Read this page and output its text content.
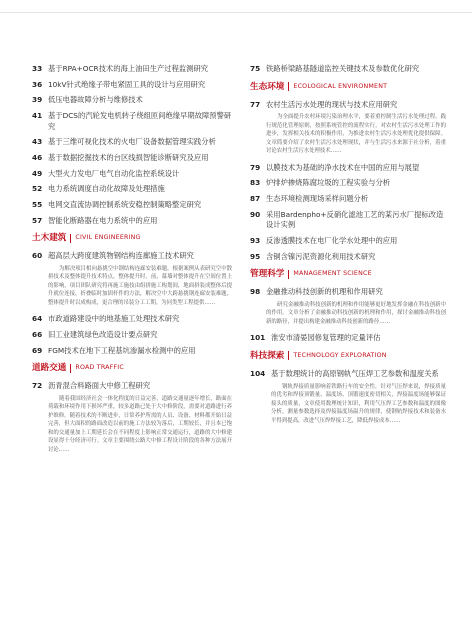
33 基于RPA+OCR技术的海上油田生产过程监测研究
36 10kV针式绝缘子带电紧固工具的设计与应用研究
39 低压电器故障分析与维修技术
41 基于DCS的汽轮发电机转子绕组匝间绝缘早期故障预警研究
43 基于三维可视化技术的火电厂设备数据管理实践分析
46 基于数据挖掘技术的台区线损智能诊断研究及应用
49 大型火力发电厂电气自动化监控系统设计
52 电力系统调度自动化故障及处理措施
55 电网交直流协调控制系统安稳控制策略整定研究
57 智能化断路器在电力系统中的应用
土木建筑 CIVIL ENGINEERING
60 超高层大跨度建筑物钢结构连廊施工技术研究
为解决项目相向悬挑空中钢结构连廊安装难题，根据案例从表研究空中散拼技术及整体提升技术特点，整体提升时，前，幕墙对整体提升在空间位置上的影响，项目团队研究将再施工施技由组拼施工构划间，地面拼装成整体后提升就位连接，折叠临时加固杆件的方法，解决空中大跨悬挑钢连廊安装难题，整体提升时以成构成，更合理的吊装分工工期。为同类型工程提供……
64 市政道路建设中的地基施工处理技术研究
66 旧工业建筑绿色改造设计要点研究
69 FGM技术在地下工程基坑渗漏水检测中的应用
道路交通 ROAD TRAFFIC
72 沥青混合料路面大中修工程研究
随着我国经济社会一体化程度的日益完善，道路交通量逐年增长，路面在荷载和环境作用下损坏严重，较多道路已处于大中修阶段，需要对道路进行养护维修。随着技术的不断进步，日常养护所需的人员、设备、材料都开始日益完善，但大面积的路面改造以前的施工方法较为落后，工期较长，并且本已饱和的交通量加上工期延长会在不同程度上影响正常交通运行，道路的大中修建设显得十分经济可行。文章主要围绕公路大中修工程设计阶段的各种方法展开讨论……
75 铁路桥梁路基隧道监控关键技术及参数优化研究
生态环境 ECOLOGICAL ENVIRONMENT
77 农村生活污水处理的现状与技术应用研究
为全面提升农村环境污染治理水平，要着重控制生活污水处理过程，践行规范化管理原则，按照系统管控的流程实行，对农村生活污水处理工作的进步，发挥相关技术的积极作用，为推进农村生活污水处理优化提供保障。文章简要介绍了农村生活污水处理现状，并与生活污水来源于社分析，着重讨论农村生活污水处理技术……
79 以膜技术为基础的净水技术在中国的应用与展望
83 炉排炉掺烧陈腐垃圾的工程实验与分析
87 生态环境检测现场采样问题分析
90 采用Bardenpho+反硝化滤池工艺的某污水厂提标改造设计实例
93 反渗透膜技术在电厂化学水处理中的应用
95 含铜含镍污泥资源化利用技术研究
管理科学 MANAGEMENT SCIENCE
98 金融推动科技创新的机理和作用研究
研究金融推动科技创新的机理和作用能够更好地发挥金融在科技创新中的作用。文章分析了金融推动科技创新的机理和作用，探讨金融推动科技创新的路径，并提出构建金融推动科技创新的路径……
101 淮安市清晏园修复管理的定量评估
科技探索 TECHNOLOGY EXPLORATION
104 基于数理统计的高原钢轨气压焊工艺参数和温度关系
钢轨焊接质量影响着铁路行车的安全性，针对气压焊来说，焊接质量的优劣和焊接顶锻量、温度场、顶锻速度密切相关，焊接温度场能够保证接头的质量，文章使用数理统计知识，利用气压焊工艺参数和温度的图像分析，测量参数选择及焊接温度场温升的规律，使钢轨焊接技术和装备水平得到提高，改进气压焊焊接工艺，降低焊接成本……
